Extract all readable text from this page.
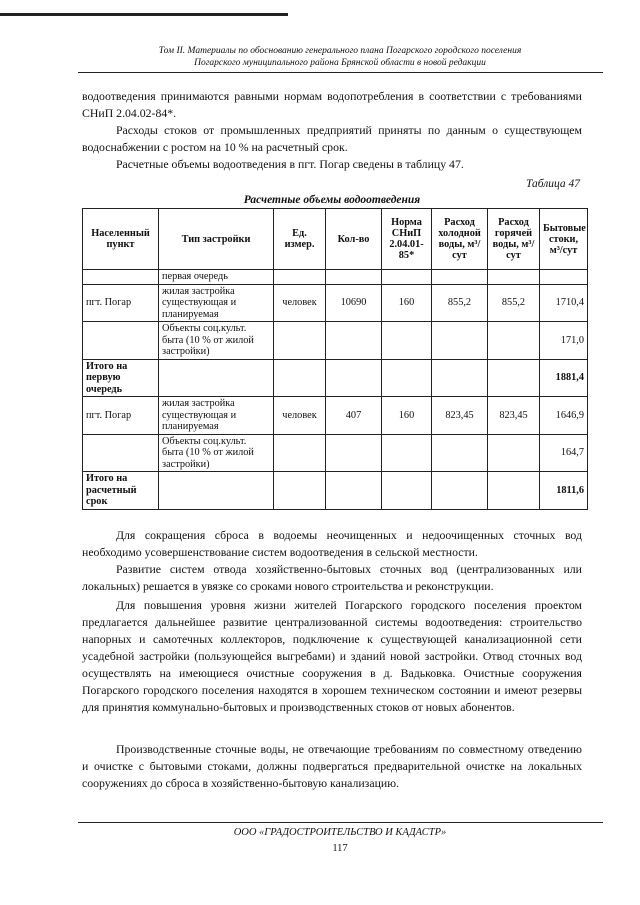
Том II. Материалы по обоснованию генерального плана Погарского городского поселения
Погарского муниципального района Брянской области в новой редакции
водоотведения принимаются равными нормам водопотребления в соответствии с требованиями СНиП 2.04.02-84*.
Расходы стоков от промышленных предприятий приняты по данным о существующем водоснабжении с ростом на 10 % на расчетный срок.
Расчетные объемы водоотведения в пгт. Погар сведены в таблицу 47.
Таблица 47
Расчетные объемы водоотведения
Населенный пункт	Тип застройки	Ед. измер.	Кол-во	Норма СНиП 2.04.01-85*	Расход холодной воды, м³/сут	Расход горячей воды, м³/сут	Бытовые стоки, м³/сут
	первая очередь						
пгт. Погар	жилая застройка существующая и планируемая	человек	10690	160	855,2	855,2	1710,4
	Объекты соц.культ. быта (10 % от жилой застройки)						171,0
Итого на первую очередь							1881,4
пгт. Погар	жилая застройка существующая и планируемая	человек	407	160	823,45	823,45	1646,9
	Объекты соц.культ. быта (10 % от жилой застройки)						164,7
Итого на расчетный срок							1811,6
Для сокращения сброса в водоемы неочищенных и недоочищенных сточных вод необходимо усовершенствование систем водоотведения в сельской местности.
Развитие систем отвода хозяйственно-бытовых сточных вод (централизованных или локальных) решается в увязке со сроками нового строительства и реконструкции.
Для повышения уровня жизни жителей Погарского городского поселения проектом предлагается дальнейшее развитие централизованной системы водоотведения: строительство напорных и самотечных коллекторов, подключение к существующей канализационной сети усадебной застройки (пользующейся выгребами) и зданий новой застройки. Отвод сточных вод осуществлять на имеющиеся очистные сооружения в д. Вадьковка. Очистные сооружения Погарского городского поселения находятся в хорошем техническом состоянии и имеют резервы для принятия коммунально-бытовых и производственных стоков от новых абонентов.
Производственные сточные воды, не отвечающие требованиям по совместному отведению и очистке с бытовыми стоками, должны подвергаться предварительной очистке на локальных сооружениях до сброса в хозяйственно-бытовую канализацию.
ООО «ГРАДОСТРОИТЕЛЬСТВО И КАДАСТР»
117
